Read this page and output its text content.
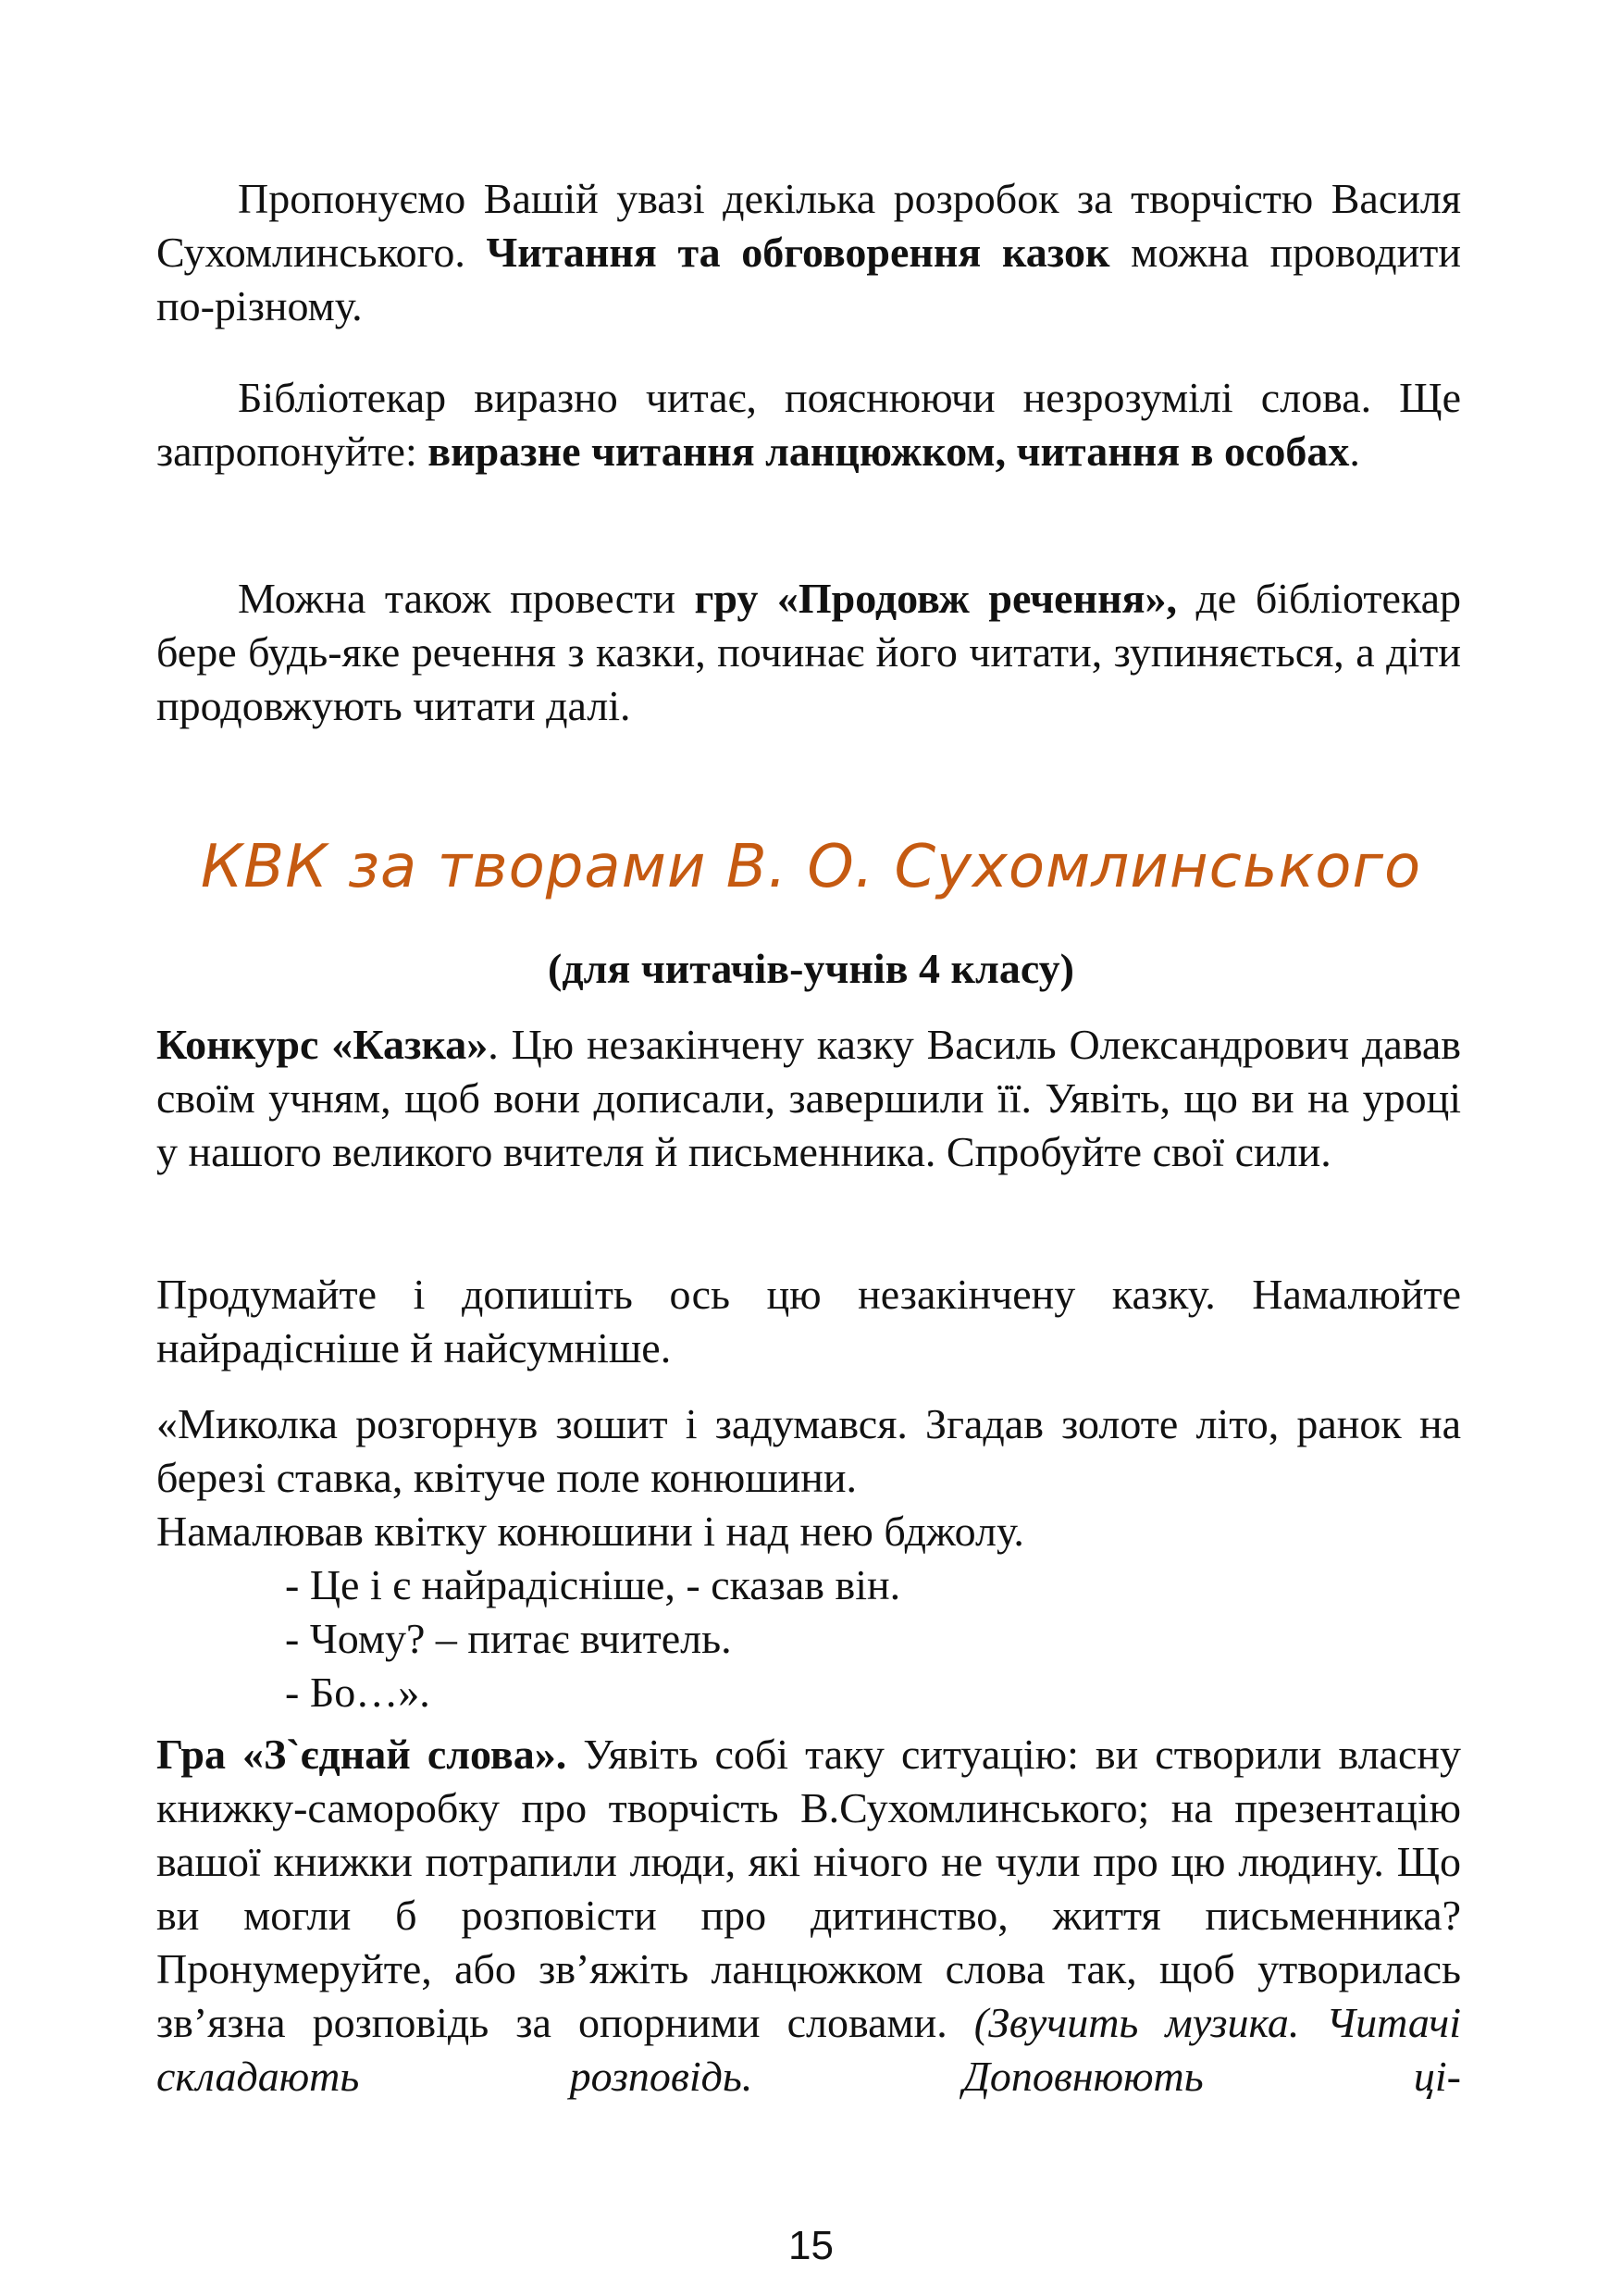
Пропонуємо Вашій увазі декілька розробок за творчістю Василя Сухомлинського. Читання та обговорення казок можна проводити по-різному.

Бібліотекар виразно читає, пояснюючи незрозумілі слова. Ще запропонуйте: виразне читання ланцюжком, читання в особах.

Можна також провести гру «Продовж речення», де бібліотекар бере будь-яке речення з казки, починає його читати, зупиняється, а діти продовжують читати далі.

КВК за творами В. О. Сухомлинського
(для читачів-учнів 4 класу)

Конкурс «Казка». Цю незакінчену казку Василь Олександрович давав своїм учням, щоб вони дописали, завершили її. Уявіть, що ви на уроці у нашого великого вчителя й письменника. Спробуйте свої сили.

Продумайте і допишіть ось цю незакінчену казку. Намалюйте найрадісніше й найсумніше.

«Миколка розгорнув зошит і задумався. Згадав золоте літо, ранок на березі ставка, квітуче поле конюшини.

Намалював квітку конюшини і над нею бджолу.
- Це і є найрадісніше, - сказав він.
- Чому? – питає вчитель.
- Бо…».

Гра «З`єднай слова». Уявіть собі таку ситуацію: ви створили власну книжку-саморобку про творчість В.Сухомлинського; на презентацію вашої книжки потрапили люди, які нічого не чули про цю людину. Що ви могли б розповісти про дитинство, життя письменника? Пронумеруйте, або зв’яжіть ланцюжком слова так, щоб утворилась зв’язна розповідь за опорними словами. (Звучить музика. Читачі складають розповідь. Доповнюють ці-

15
